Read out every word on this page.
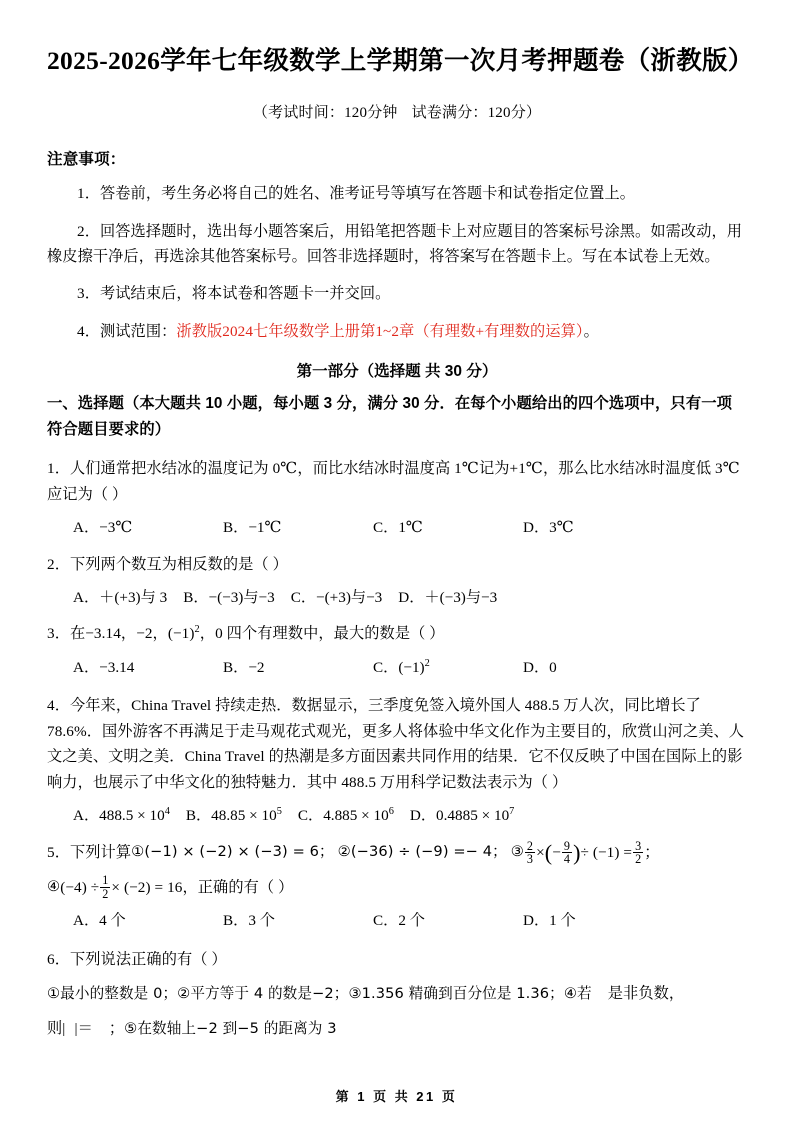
2025-2026学年七年级数学上学期第一次月考押题卷（浙教版）
（考试时间：120分钟 试卷满分：120分）
注意事项：
1．答卷前，考生务必将自己的姓名、准考证号等填写在答题卡和试卷指定位置上。
2．回答选择题时，选出每小题答案后，用铅笔把答题卡上对应题目的答案标号涂黑。如需改动，用橡皮擦干净后，再选涂其他答案标号。回答非选择题时，将答案写在答题卡上。写在本试卷上无效。
3．考试结束后，将本试卷和答题卡一并交回。
4．测试范围：浙教版2024七年级数学上册第1~2章（有理数+有理数的运算）。
第一部分（选择题 共 30 分）
一、选择题（本大题共 10 小题，每小题 3 分，满分 30 分．在每个小题给出的四个选项中，只有一项符合题目要求的）
1．人们通常把水结冰的温度记为 0℃，而比水结冰时温度高 1℃记为+1℃，那么比水结冰时温度低 3℃应记为（ ）
A．−3℃	B．−1℃	C．1℃	D．3℃
2．下列两个数互为相反数的是（ ）
A．＋(+3)与 3 B．−(−3)与−3 C．−(+3)与−3 D．＋(−3)与−3
3．在−3.14，−2，$(-1)^2$，0 四个有理数中，最大的数是（ ）
A．−3.14	B．−2	C．$(-1)^2$	D．0
4．今年来，China Travel 持续走热．数据显示，三季度免签入境外国人 488.5 万人次，同比增长了 78.6%．国外游客不再满足于走马观花式观光，更多人将体验中华文化作为主要目的，欣赏山河之美、人文之美、文明之美．China Travel 的热潮是多方面因素共同作用的结果．它不仅反映了中国在国际上的影响力，也展示了中华文化的独特魅力．其中 488.5 万用科学记数法表示为（ ）
A．$488.5 \times 10^4$ B．$48.85 \times 10^5$ C．$4.885 \times 10^6$ D．$0.4885 \times 10^7$
5． 下列计算 ①(−1) × (−2) × (−3) = 6；
②(−36) ÷ (−9) =− 4；
③ $\frac{2}{3}$ × ( − $\frac{9}{4}$ ) ÷ $(-1) = \frac{3}{2}$ ；

④ $(-4) \div \frac{1}{2} \times (-2) = 16$，正确的有（ ）
A．4 个	B．3 个	C．2 个	D．1 个
6．下列说法正确的有（ ）
①最小的整数是 0；②平方等于 4 的数是−2；③1.356 精确到百分位是 1.36；④若 是非负数，
则| |＝ ；⑤在数轴上−2 到−5 的距离为 3
第 1 页 共 21 页
